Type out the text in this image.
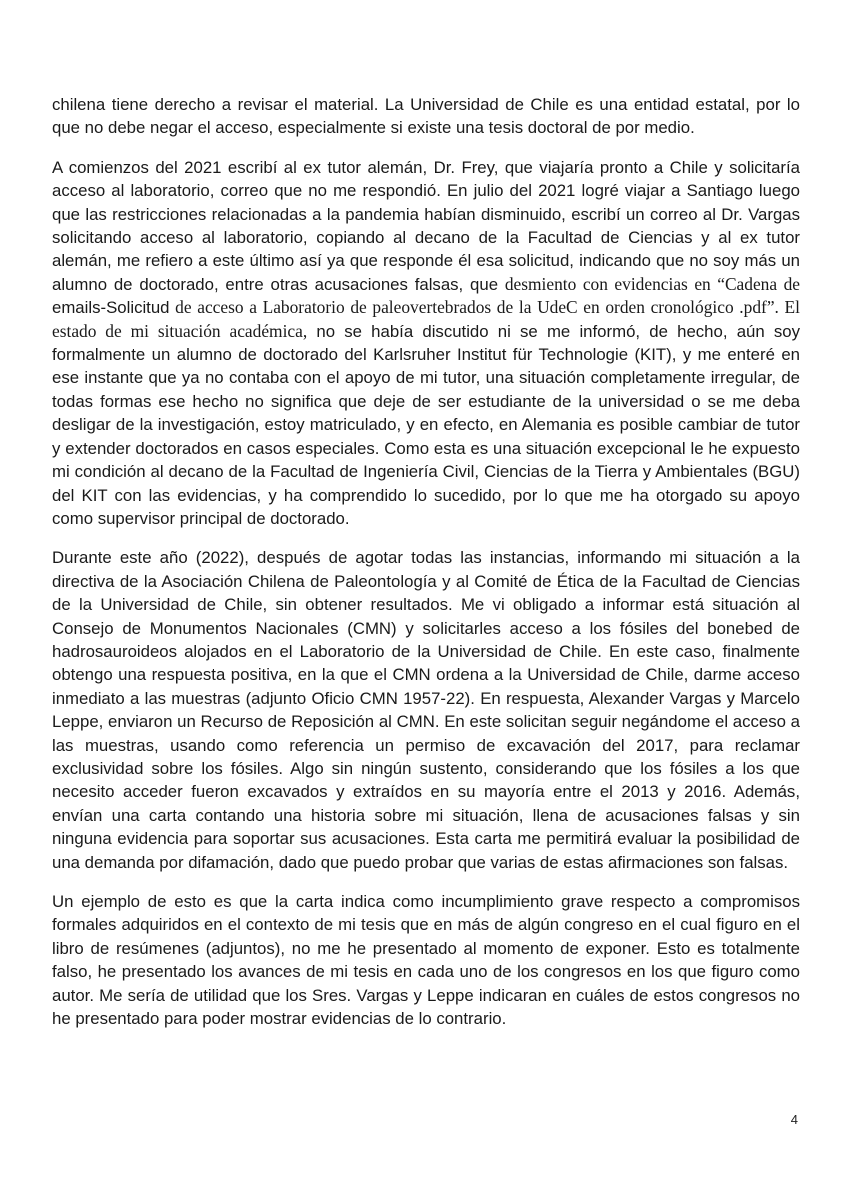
chilena tiene derecho a revisar el material. La Universidad de Chile es una entidad estatal, por lo que no debe negar el acceso, especialmente si existe una tesis doctoral de por medio.

A comienzos del 2021 escribí al ex tutor alemán, Dr. Frey, que viajaría pronto a Chile y solicitaría acceso al laboratorio, correo que no me respondió. En julio del 2021 logré viajar a Santiago luego que las restricciones relacionadas a la pandemia habían disminuido, escribí un correo al Dr. Vargas solicitando acceso al laboratorio, copiando al decano de la Facultad de Ciencias y al ex tutor alemán, me refiero a este último así ya que responde él esa solicitud, indicando que no soy más un alumno de doctorado, entre otras acusaciones falsas, que desmiento con evidencias en “Cadena de emails-Solicitud de acceso a Laboratorio de paleovertebrados de la UdeC en orden cronológico .pdf”. El estado de mi situación académica, no se había discutido ni se me informó, de hecho, aún soy formalmente un alumno de doctorado del Karlsruher Institut für Technologie (KIT), y me enteré en ese instante que ya no contaba con el apoyo de mi tutor, una situación completamente irregular, de todas formas ese hecho no significa que deje de ser estudiante de la universidad o se me deba desligar de la investigación, estoy matriculado, y en efecto, en Alemania es posible cambiar de tutor y extender doctorados en casos especiales. Como esta es una situación excepcional le he expuesto mi condición al decano de la Facultad de Ingeniería Civil, Ciencias de la Tierra y Ambientales (BGU) del KIT con las evidencias, y ha comprendido lo sucedido, por lo que me ha otorgado su apoyo como supervisor principal de doctorado.

Durante este año (2022), después de agotar todas las instancias, informando mi situación a la directiva de la Asociación Chilena de Paleontología y al Comité de Ética de la Facultad de Ciencias de la Universidad de Chile, sin obtener resultados. Me vi obligado a informar está situación al Consejo de Monumentos Nacionales (CMN) y solicitarles acceso a los fósiles del bonebed de hadrosauroideos alojados en el Laboratorio de la Universidad de Chile. En este caso, finalmente obtengo una respuesta positiva, en la que el CMN ordena a la Universidad de Chile, darme acceso inmediato a las muestras (adjunto Oficio CMN 1957-22). En respuesta, Alexander Vargas y Marcelo Leppe, enviaron un Recurso de Reposición al CMN. En este solicitan seguir negándome el acceso a las muestras, usando como referencia un permiso de excavación del 2017, para reclamar exclusividad sobre los fósiles. Algo sin ningún sustento, considerando que los fósiles a los que necesito acceder fueron excavados y extraídos en su mayoría entre el 2013 y 2016. Además, envían una carta contando una historia sobre mi situación, llena de acusaciones falsas y sin ninguna evidencia para soportar sus acusaciones. Esta carta me permitirá evaluar la posibilidad de una demanda por difamación, dado que puedo probar que varias de estas afirmaciones son falsas.

Un ejemplo de esto es que la carta indica como incumplimiento grave respecto a compromisos formales adquiridos en el contexto de mi tesis que en más de algún congreso en el cual figuro en el libro de resúmenes (adjuntos), no me he presentado al momento de exponer. Esto es totalmente falso, he presentado los avances de mi tesis en cada uno de los congresos en los que figuro como autor. Me sería de utilidad que los Sres. Vargas y Leppe indicaran en cuáles de estos congresos no he presentado para poder mostrar evidencias de lo contrario.

4
